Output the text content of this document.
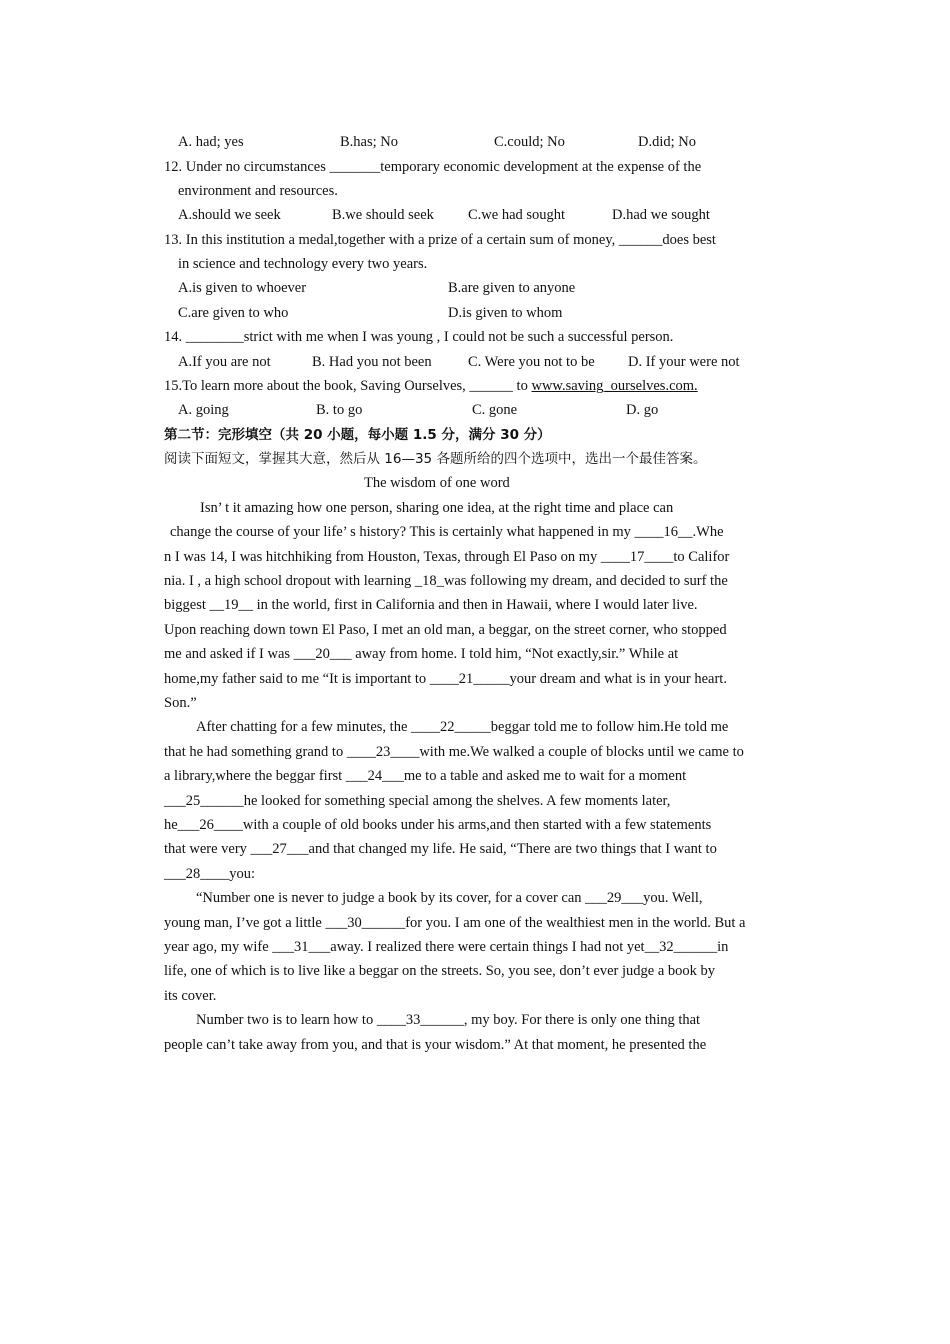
A. had; yes	B.has; No	C.could; No	D.did; No
12. Under no circumstances _______temporary economic development at the expense of the
environment and resources.
A.should we seek	B.we should seek C.we had sought	D.had we sought
13. In this institution a medal,together with a prize of a certain sum of money, ______does best
in science and technology every two years.
A.is given to whoever	B.are given to anyone
C.are given to who	D.is given to whom
14. ________strict with me when I was young , I could not be such a successful person.
A.If you are not	B. Had you not been	C. Were you not to be D. If your were not
15.To learn more about the book, Saving Ourselves, ______ to www.saving_ourselves.com.
A. going	B. to go	C. gone	D. go
第二节：完形填空（共 20 小题，每小题 1.5 分，满分 30 分）
阅读下面短文，掌握其大意，然后从 16—35 各题所给的四个选项中，选出一个最佳答案。
The wisdom of one word
Isn’ t it amazing how one person, sharing one idea, at the right time and place can
change the course of your life’ s history? This is certainly what happened in my ____16__.Whe
n I was 14, I was hitchhiking from Houston, Texas, through El Paso on my ____17____to Califor
nia. I , a high school dropout with learning _18_was following my dream, and decided to surf the
biggest __19__ in the world, first in California and then in Hawaii, where I would later live.
Upon reaching down town El Paso, I met an old man, a beggar, on the street corner, who stopped
me and asked if I was ___20___ away from home. I told him, “Not exactly,sir.” While at
home,my father said to me “It is important to ____21_____your dream and what is in your heart.
Son.”
After chatting for a few minutes, the ____22_____beggar told me to follow him.He told me
that he had something grand to ____23____with me.We walked a couple of blocks until we came to
a library,where the beggar first ___24___me to a table and asked me to wait for a moment
___25______he looked for something special among the shelves. A few moments later,
he___26____with a couple of old books under his arms,and then started with a few statements
that were very ___27___and that changed my life. He said, “There are two things that I want to
___28____you:
“Number one is never to judge a book by its cover, for a cover can ___29___you. Well,
young man, I’ve got a little ___30______for you. I am one of the wealthiest men in the world. But a
year ago, my wife ___31___away. I realized there were certain things I had not yet__32______in
life, one of which is to live like a beggar on the streets. So, you see, don’t ever judge a book by
its cover.
Number two is to learn how to ____33______, my boy. For there is only one thing that
people can’t take away from you, and that is your wisdom.” At that moment, he presented the
